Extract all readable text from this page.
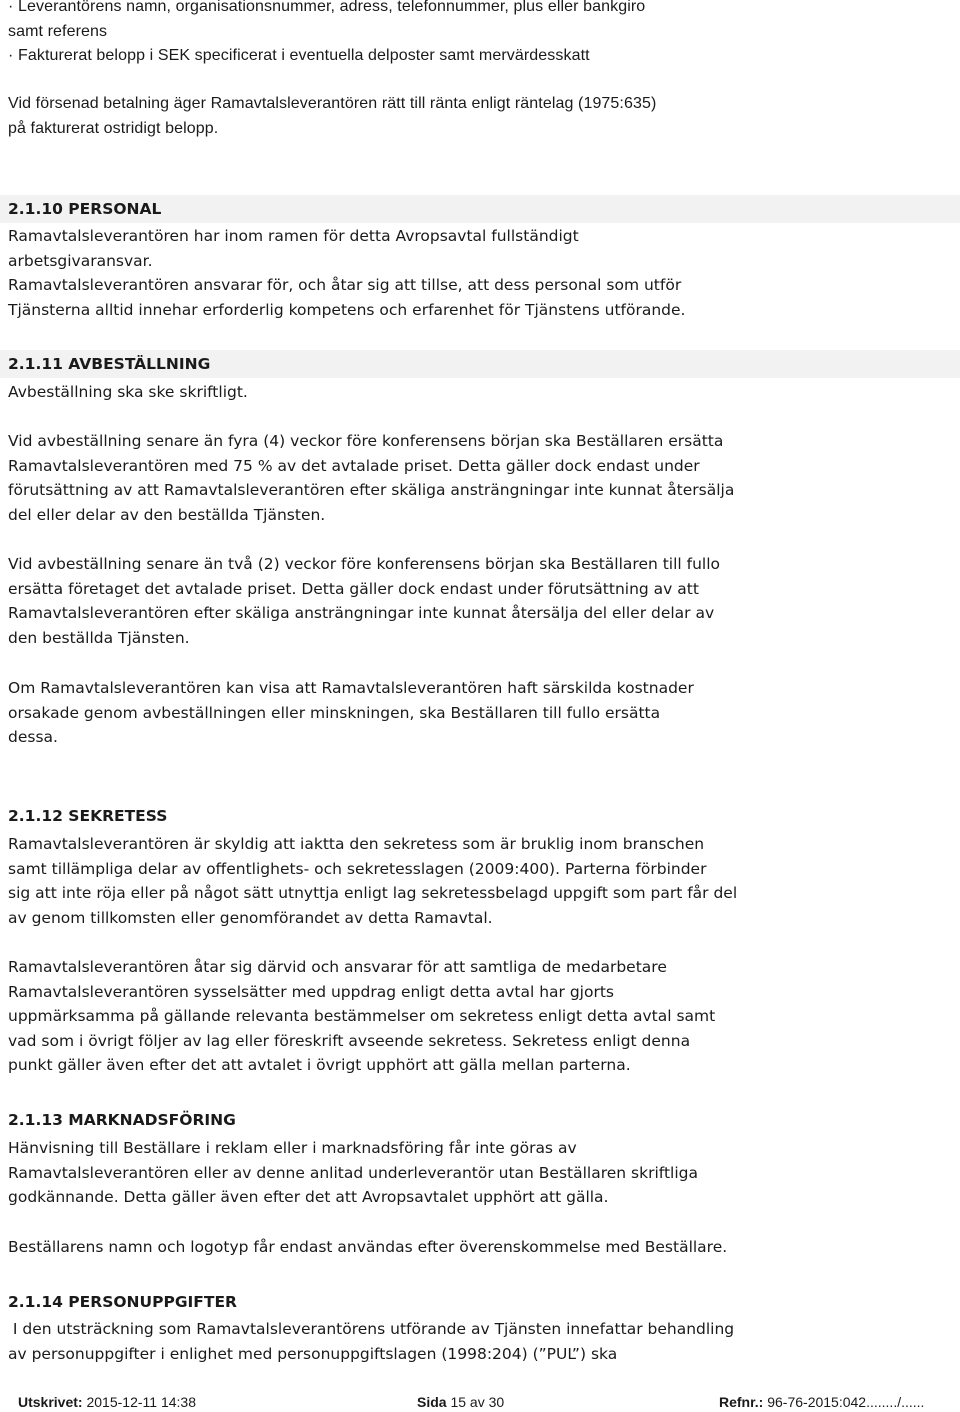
· Leverantörens namn, organisationsnummer, adress, telefonnummer, plus eller bankgiro
samt referens
· Fakturerat belopp i SEK specificerat i eventuella delposter samt mervärdesskatt
Vid försenad betalning äger Ramavtalsleverantören rätt till ränta enligt räntelag (1975:635)
på fakturerat ostridigt belopp.
2.1.10 PERSONAL
Ramavtalsleverantören har inom ramen för detta Avropsavtal fullständigt
arbetsgivaransvar.
Ramavtalsleverantören ansvarar för, och åtar sig att tillse, att dess personal som utför
Tjänsterna alltid innehar erforderlig kompetens och erfarenhet för Tjänstens utförande.
2.1.11 AVBESTÄLLNING
Avbeställning ska ske skriftligt.
Vid avbeställning senare än fyra (4) veckor före konferensens början ska Beställaren ersätta
Ramavtalsleverantören med 75 % av det avtalade priset. Detta gäller dock endast under
förutsättning av att Ramavtalsleverantören efter skäliga ansträngningar inte kunnat återsälja
del eller delar av den beställda Tjänsten.
Vid avbeställning senare än två (2) veckor före konferensens början ska Beställaren till fullo
ersätta företaget det avtalade priset. Detta gäller dock endast under förutsättning av att
Ramavtalsleverantören efter skäliga ansträngningar inte kunnat återsälja del eller delar av
den beställda Tjänsten.
Om Ramavtalsleverantören kan visa att Ramavtalsleverantören haft särskilda kostnader
orsakade genom avbeställningen eller minskningen, ska Beställaren till fullo ersätta
dessa.
2.1.12 SEKRETESS
Ramavtalsleverantören är skyldig att iaktta den sekretess som är bruklig inom branschen
samt tillämpliga delar av offentlighets- och sekretesslagen (2009:400). Parterna förbinder
sig att inte röja eller på något sätt utnyttja enligt lag sekretessbelagd uppgift som part får del
av genom tillkomsten eller genomförandet av detta Ramavtal.
Ramavtalsleverantören åtar sig därvid och ansvarar för att samtliga de medarbetare
Ramavtalsleverantören sysselsätter med uppdrag enligt detta avtal har gjorts
uppmärksamma på gällande relevanta bestämmelser om sekretess enligt detta avtal samt
vad som i övrigt följer av lag eller föreskrift avseende sekretess. Sekretess enligt denna
punkt gäller även efter det att avtalet i övrigt upphört att gälla mellan parterna.
2.1.13 MARKNADSFÖRING
Hänvisning till Beställare i reklam eller i marknadsföring får inte göras av
Ramavtalsleverantören eller av denne anlitad underleverantör utan Beställaren skriftliga
godkännande. Detta gäller även efter det att Avropsavtalet upphört att gälla.
Beställarens namn och logotyp får endast användas efter överenskommelse med Beställare.
2.1.14 PERSONUPPGIFTER
I den utsträckning som Ramavtalsleverantörens utförande av Tjänsten innefattar behandling
av personuppgifter i enlighet med personuppgiftslagen (1998:204) (”PUL”) ska
Utskrivet: 2015-12-11 14:38	Sida 15 av 30	Refnr.: 96-76-2015:042......../......
